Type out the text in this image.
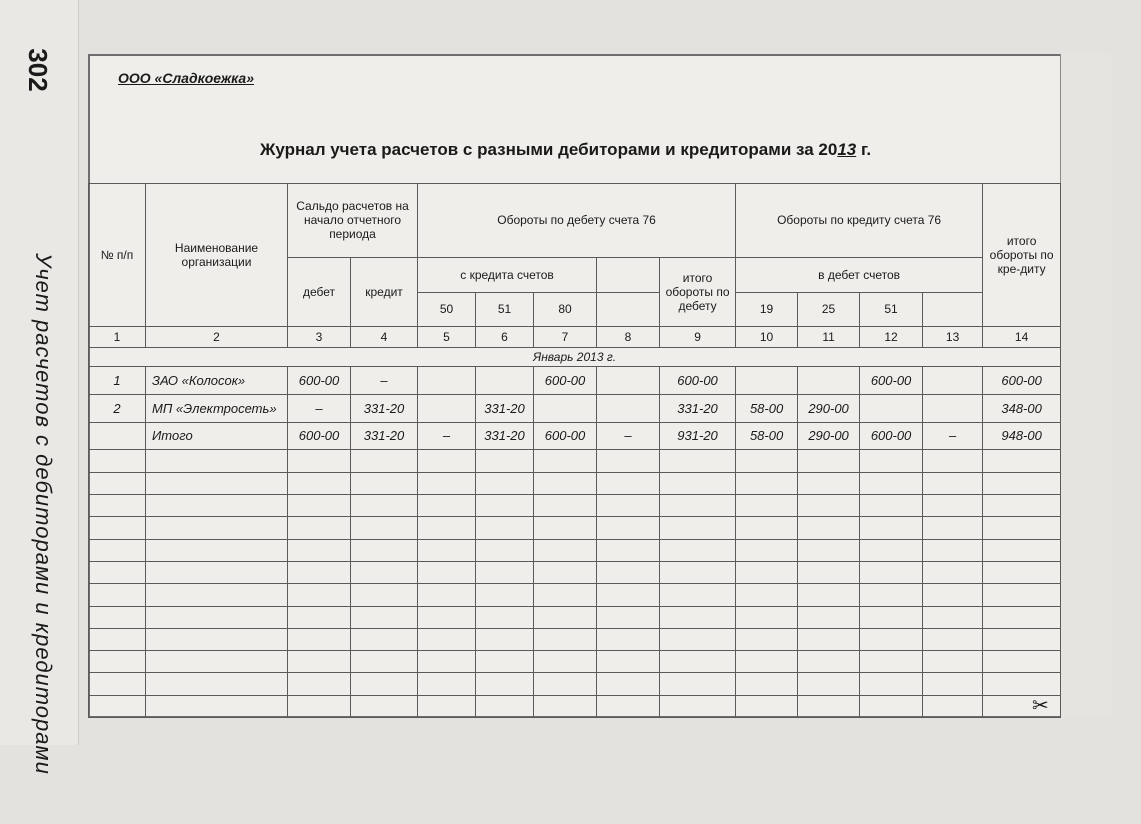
302
Учет расчетов с дебиторами и кредиторами
ООО «Сладкоежка»
Журнал учета расчетов с разными дебиторами и кредиторами за 2013 г.
№ п/п	Наименование организации	Сальдо расчетов на начало отчетного периода		Обороты по дебету счета 76					Обороты по кредиту счета 76				итого обороты по кре-диту
		дебет	кредит	с кредита счетов				итого обороты по дебету	в дебет счетов				
				50	51	80			19	25	51		
1	2	3	4	5	6	7	8	9	10	11	12	13	14
Январь 2013 г.													
1	ЗАО «Колосок»	600-00	–			600-00		600-00			600-00		600-00
2	МП «Электросеть»	–	331-20		331-20			331-20	58-00	290-00			348-00
	Итого	600-00	331-20	–	331-20	600-00	–	931-20	58-00	290-00	600-00	–	948-00

✂
